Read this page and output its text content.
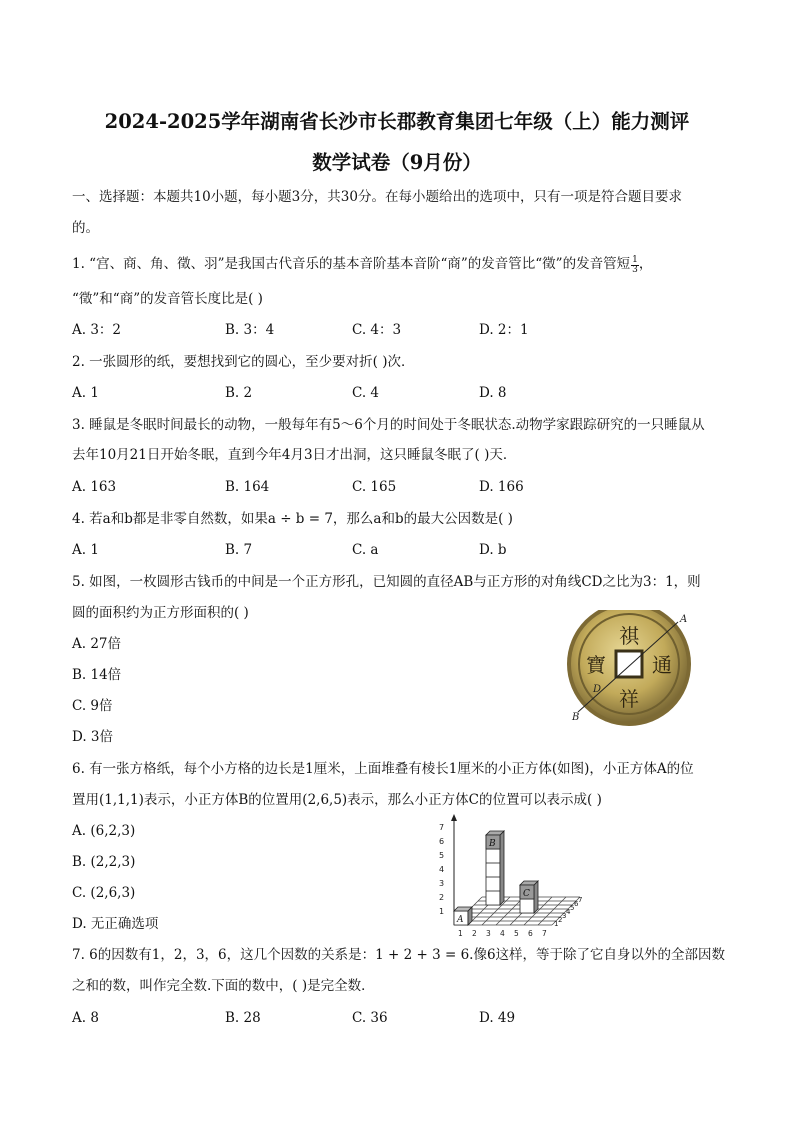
2024-2025学年湖南省长沙市长郡教育集团七年级（上）能力测评
数学试卷（9月份）
一、选择题：本题共10小题，每小题3分，共30分。在每小题给出的选项中，只有一项是符合题目要求
的。
1. “宫、商、角、徵、羽”是我国古代音乐的基本音阶基本音阶“商”的发音管比“徵”的发音管短 $\frac{1}{3}$ ，
“徵”和“商”的发音管长度比是( )
A. 3：2	B. 3：4	C. 4：3	D. 2：1
2. 一张圆形的纸，要想找到它的圆心，至少要对折( )次．
A. 1	B. 2	C. 4	D. 8
3. 睡鼠是冬眠时间最长的动物，一般每年有5～6个月的时间处于冬眠状态.动物学家跟踪研究的一只睡鼠从
去年10月21日开始冬眠，直到今年4月3日才出洞，这只睡鼠冬眠了( )天．
A. 163	B. 164	C. 165	D. 166
4. 若a和b都是非零自然数，如果a ÷ b = 7，那么a和b的最大公因数是( )
A. 1	B. 7	C. a	D. b
5. 如图，一枚圆形古钱币的中间是一个正方形孔，已知圆的直径AB与正方形的对角线CD之比为3：1，则
圆的面积约为正方形面积的( )
A. 27倍
B. 14倍
C. 9倍
D. 3倍
祺
通
祥
寶
A
B
D
6. 有一张方格纸，每个小方格的边长是1厘米，上面堆叠有棱长1厘米的小正方体(如图)，小正方体A的位
置用(1,1,1)表示，小正方体B的位置用(2,6,5)表示，那么小正方体C的位置可以表示成( )
A. (6,2,3)
B. (2,2,3)
C. (2,6,3)
D. 无正确选项
1
2
3
4
5
6
7
1 2 3 4 5 6 7
1 2 3 4 5 6 7
A
B
C
7. 6的因数有1，2，3，6，这几个因数的关系是：1 + 2 + 3 = 6.像6这样，等于除了它自身以外的全部因数
之和的数，叫作完全数.下面的数中，( )是完全数．
A. 8	B. 28	C. 36	D. 49
